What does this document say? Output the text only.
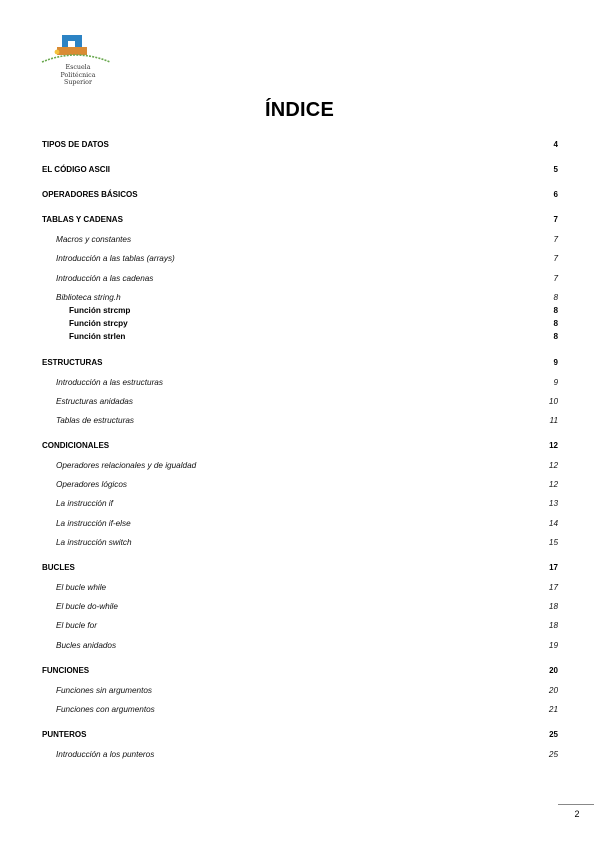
Escuela
Politécnica
Superior
ÍNDICE
TIPOS DE DATOS	4
EL CÓDIGO ASCII	5
OPERADORES BÁSICOS	6
TABLAS Y CADENAS	7
Macros y constantes	7
Introducción a las tablas (arrays)	7
Introducción a las cadenas	7
Biblioteca string.h	8
Función strcmp	8
Función strcpy	8
Función strlen	8
ESTRUCTURAS	9
Introducción a las estructuras	9
Estructuras anidadas	10
Tablas de estructuras	11
CONDICIONALES	12
Operadores relacionales y de igualdad	12
Operadores lógicos	12
La instrucción if	13
La instrucción if-else	14
La instrucción switch	15
BUCLES	17
El bucle while	17
El bucle do-while	18
El bucle for	18
Bucles anidados	19
FUNCIONES	20
Funciones sin argumentos	20
Funciones con argumentos	21
PUNTEROS	25
Introducción a los punteros	25
2
